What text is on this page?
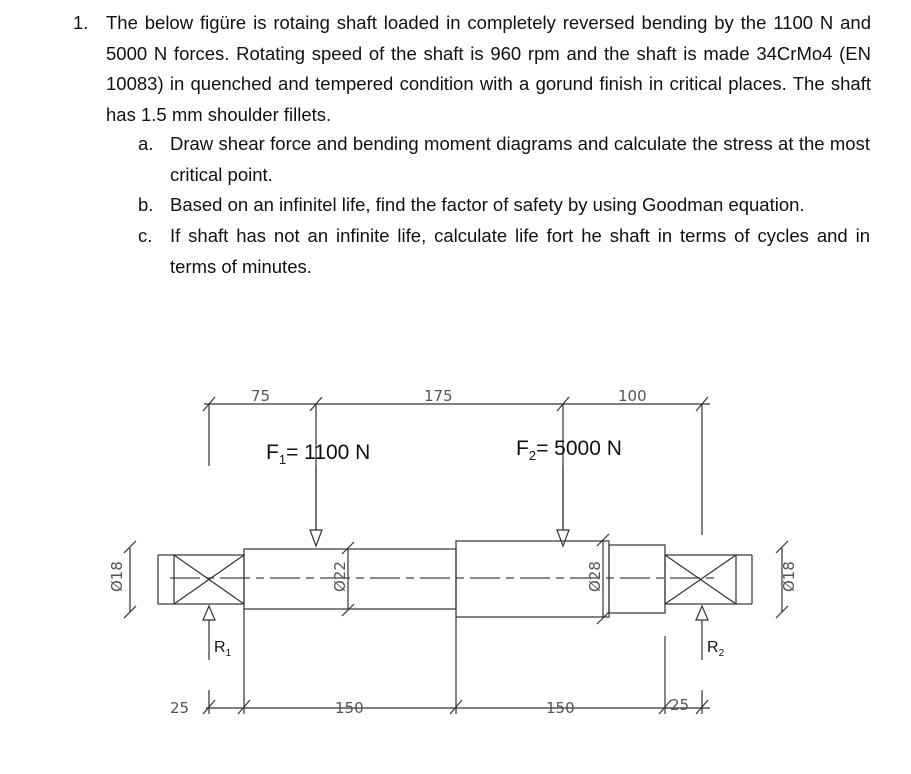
1. The below figüre is rotaing shaft loaded in completely reversed bending by the 1100 N and 5000 N forces. Rotating speed of the shaft is 960 rpm and the shaft is made 34CrMo4 (EN 10083) in quenched and tempered condition with a gorund finish in critical places. The shaft has 1.5 mm shoulder fillets.
a. Draw shear force and bending moment diagrams and calculate the stress at the most critical point.
b. Based on an infinitel life, find the factor of safety by using Goodman equation.
c. If shaft has not an infinite life, calculate life fort he shaft in terms of cycles and in terms of minutes.
75	175	100
25	150	150	25
Ø18	Ø22	Ø28	Ø18
$F_1= 1100$ N	$F_2= 5000$ N
$R_1$	$R_2$
